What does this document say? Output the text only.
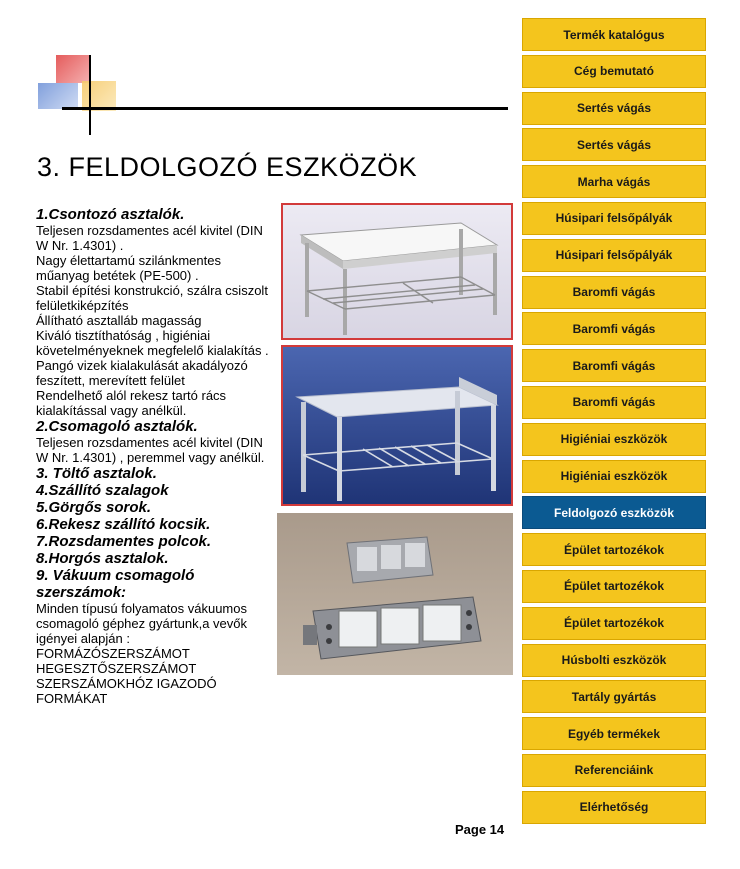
3. FELDOLGOZÓ ESZKÖZÖK

1.Csontozó asztalók.

Teljesen rozsdamentes acél kivitel (DIN W Nr. 1.4301) .

Nagy élettartamú szilánkmentes műanyag betétek (PE-500) .

Stabil építési konstrukció, szálra csiszolt felületkiképzítés

Állítható asztalláb magasság

Kiváló tisztíthatóság , higiéniai követelményeknek megfelelő kialakítás .

Pangó vizek kialakulását akadályozó feszített, merevített felület

Rendelhető alól rekesz tartó rács kialakítással vagy anélkül.

2.Csomagoló asztalók.

Teljesen rozsdamentes acél kivitel (DIN W Nr. 1.4301) , peremmel vagy anélkül.

3. Töltő asztalok.

4.Szállító szalagok

5.Görgős sorok.

6.Rekesz szállító kocsik.

7.Rozsdamentes polcok.

8.Horgós asztalok.

9. Vákuum csomagoló szerszámok:

Minden típusú folyamatos vákuumos csomagoló géphez gyártunk,a vevők igényei alapján : FORMÁZÓSZERSZÁMOT HEGESZTŐSZERSZÁMOT SZERSZÁMOKHÓZ IGAZODÓ FORMÁKAT

Page 14
Termék katalógus
Cég bemutató
Sertés vágás
Sertés vágás
Marha vágás
Húsipari felsőpályák
Húsipari felsőpályák
Baromfi vágás
Baromfi vágás
Baromfi vágás
Baromfi vágás
Higiéniai eszközök
Higiéniai eszközök
Feldolgozó eszközök
Épület tartozékok
Épület tartozékok
Épület tartozékok
Húsbolti eszközök
Tartály gyártás
Egyéb termékek
Referenciáink
Elérhetőség
